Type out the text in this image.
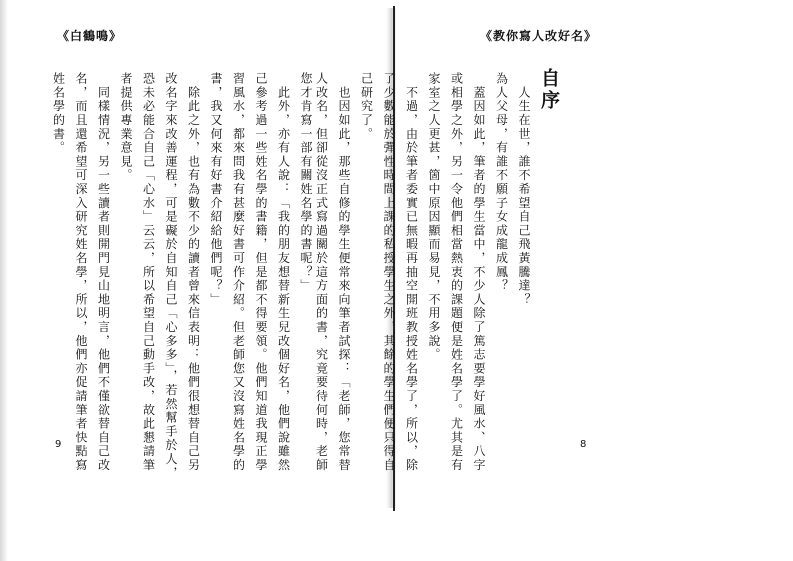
《白鶴鳴》

您才肯寫一部有關姓名學的書呢？」

　此外，亦有人說：「我的朋友想替新生兒改個好名，他們說雖然

己參考過一些姓名學的書籍，但是都不得要領。他們知道我現正學

習風水，都來問我有甚麼好書可作介紹。但老師您又沒寫姓名學的

書，我又何來有好書介紹給他們呢？」

　除此之外，也有為數不少的讀者曾來信表明：他們很想替自己另

改名字來改善運程，可是礙於自知自己「心多多」，若然幫手於人，

恐未必能合自己「心水」云云，所以希望自己動手改，故此懇請筆

者提供專業意見。

　同樣情況，另一些讀者則開門見山地明言，他們不僅欲替自己改

名，而且還希望可深入研究姓名學，所以，他們亦促請筆者快點寫

姓名學的書。

9
《教你寫人改好名》
自序

　人生在世，誰不希望自己飛黃騰達？

為人父母，有誰不願子女成龍成鳳？

　蓋因如此，筆者的學生當中，不少人除了篤志要學好風水、八字

或相學之外，另一令他們相當熱衷的課題便是姓名學了。尤其是有

家室之人更甚，箇中原因顯而易見，不用多說。

　不過，由於筆者委實已無暇再抽空開班教授姓名學了，所以，除

了少數能於彈性時間上課的私授學生之外，其餘的學生們便只得自

己研究了。

　也因如此，那些自修的學生便常來向筆者試探：「老師，您常替

人改名，但卻從沒正式寫過關於這方面的書，究竟要待何時，老師	8
